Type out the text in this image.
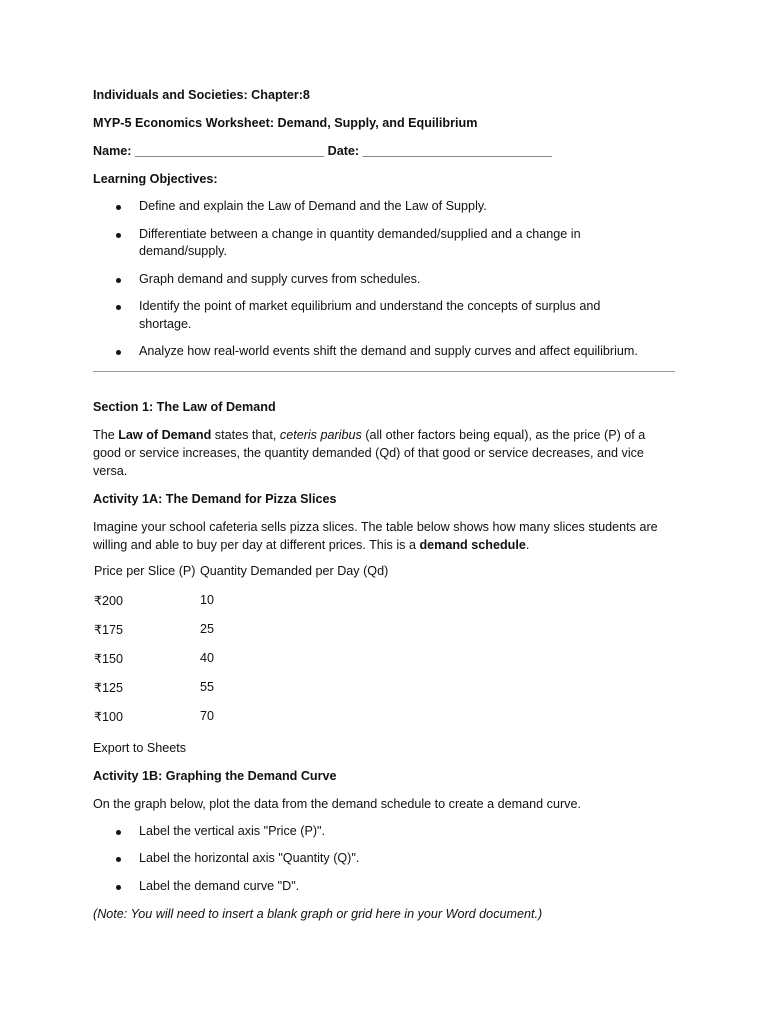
Individuals and Societies: Chapter:8
MYP-5 Economics Worksheet: Demand, Supply, and Equilibrium
Name: ___________________________ Date: ___________________________
Learning Objectives:
Define and explain the Law of Demand and the Law of Supply.
Differentiate between a change in quantity demanded/supplied and a change in demand/supply.
Graph demand and supply curves from schedules.
Identify the point of market equilibrium and understand the concepts of surplus and shortage.
Analyze how real-world events shift the demand and supply curves and affect equilibrium.
Section 1: The Law of Demand

The Law of Demand states that, ceteris paribus (all other factors being equal), as the price (P) of a good or service increases, the quantity demanded (Qd) of that good or service decreases, and vice versa.

Activity 1A: The Demand for Pizza Slices

Imagine your school cafeteria sells pizza slices. The table below shows how many slices students are willing and able to buy per day at different prices. This is a demand schedule.

Price per Slice (P)	Quantity Demanded per Day (Qd)
₹200	10
₹175	25
₹150	40
₹125	55
₹100	70
Export to Sheets
Activity 1B: Graphing the Demand Curve
On the graph below, plot the data from the demand schedule to create a demand curve.
Label the vertical axis "Price (P)".
Label the horizontal axis "Quantity (Q)".
Label the demand curve "D".
(Note: You will need to insert a blank graph or grid here in your Word document.)
